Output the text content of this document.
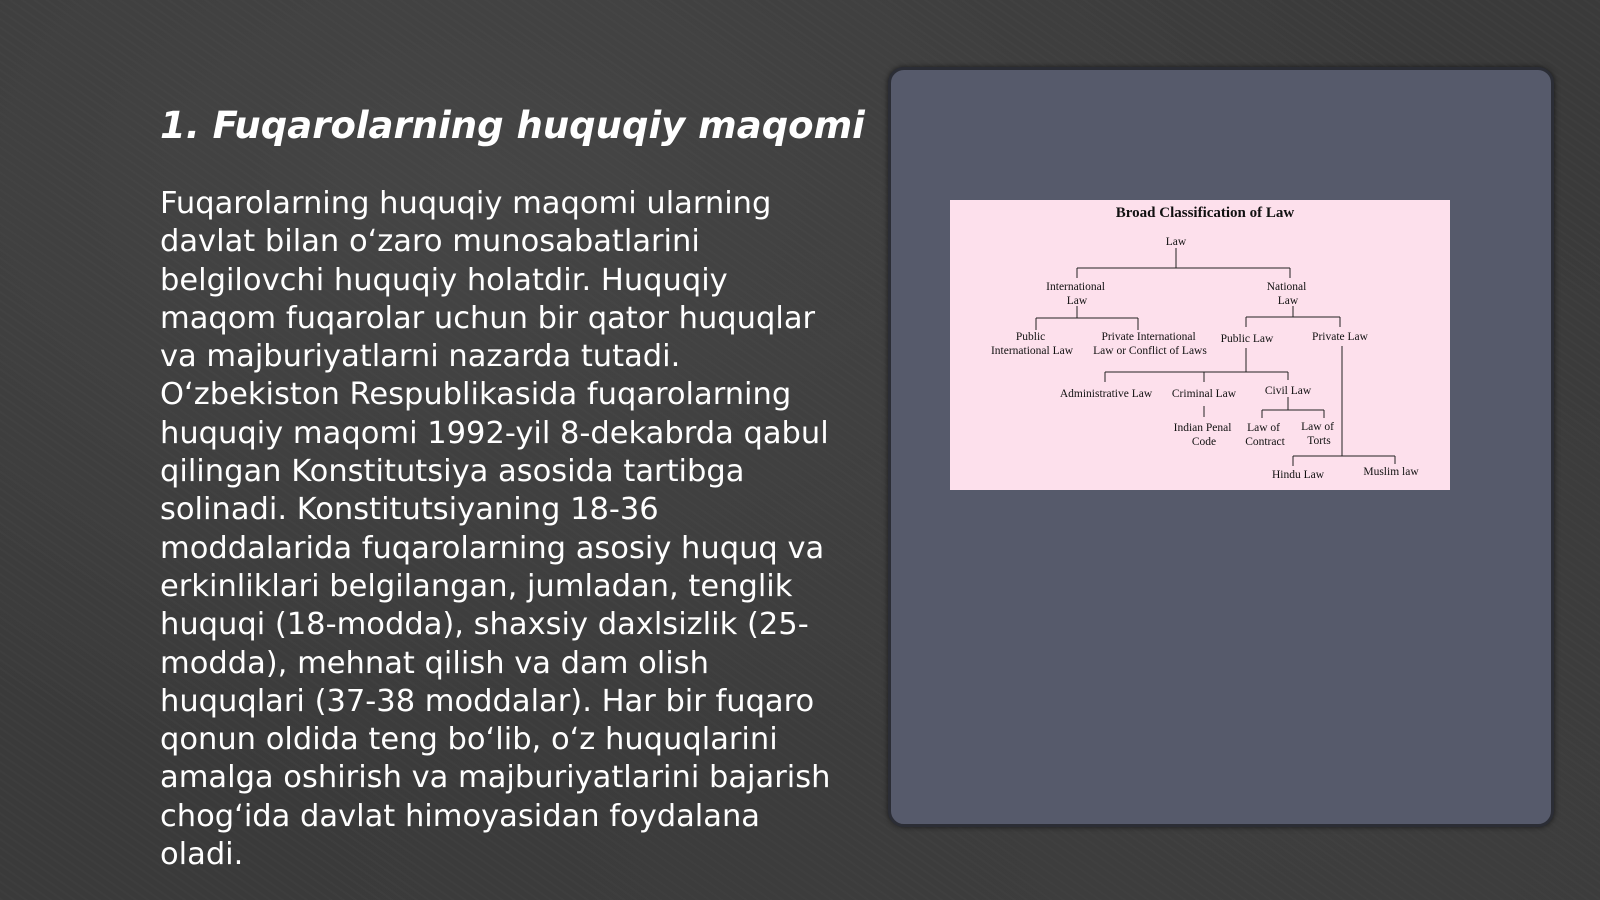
1. Fuqarolarning huquqiy maqomi

Fuqarolarning huquqiy maqomi ularning davlat bilan o‘zaro munosabatlarini belgilovchi huquqiy holatdir. Huquqiy maqom fuqarolar uchun bir qator huquqlar va majburiyatlarni nazarda tutadi. O‘zbekiston Respublikasida fuqarolarning huquqiy maqomi 1992-yil 8-dekabrda qabul qilingan Konstitutsiya asosida tartibga solinadi. Konstitutsiyaning 18-36 moddalarida fuqarolarning asosiy huquq va erkinliklari belgilangan, jumladan, tenglik huquqi (18-modda), shaxsiy daxlsizlik (25-modda), mehnat qilish va dam olish huquqlari (37-38 moddalar). Har bir fuqaro qonun oldida teng bo‘lib, o‘z huquqlarini amalga oshirish va majburiyatlarini bajarish chog‘ida davlat himoyasidan foydalana oladi.

Broad Classification of Law
Law
International Law
National Law
Public International Law
Private International Law or Conflict of Laws
Public Law	Private Law
Administrative Law Criminal Law Civil Law
Indian Penal Code
Law of Contract
Law of Torts
Hindu Law	Muslim law
